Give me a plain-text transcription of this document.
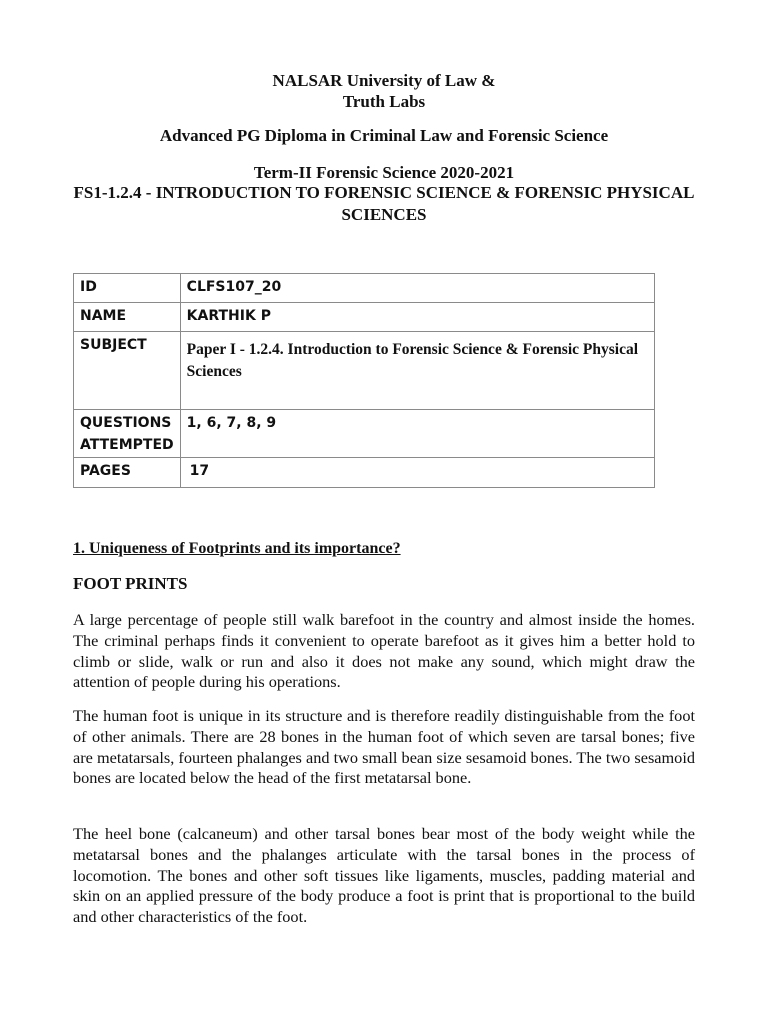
NALSAR University of Law &
Truth Labs
Advanced PG Diploma in Criminal Law and Forensic Science
Term-II Forensic Science 2020-2021
FS1-1.2.4 - INTRODUCTION TO FORENSIC SCIENCE & FORENSIC PHYSICAL SCIENCES
ID	CLFS107_20
NAME	KARTHIK P
SUBJECT	Paper I - 1.2.4. Introduction to Forensic Science & Forensic Physical Sciences

QUESTIONS ATTEMPTED	1, 6, 7, 8, 9
PAGES	17
1. Uniqueness of Footprints and its importance?
FOOT PRINTS

A large percentage of people still walk barefoot in the country and almost inside the homes. The criminal perhaps finds it convenient to operate barefoot as it gives him a better hold to climb or slide, walk or run and also it does not make any sound, which might draw the attention of people during his operations.

The human foot is unique in its structure and is therefore readily distinguishable from the foot of other animals. There are 28 bones in the human foot of which seven are tarsal bones; five are metatarsals, fourteen phalanges and two small bean size sesamoid bones. The two sesamoid bones are located below the head of the first metatarsal bone.

The heel bone (calcaneum) and other tarsal bones bear most of the body weight while the metatarsal bones and the phalanges articulate with the tarsal bones in the process of locomotion. The bones and other soft tissues like ligaments, muscles, padding material and skin on an applied pressure of the body produce a foot is print that is proportional to the build and other characteristics of the foot.
